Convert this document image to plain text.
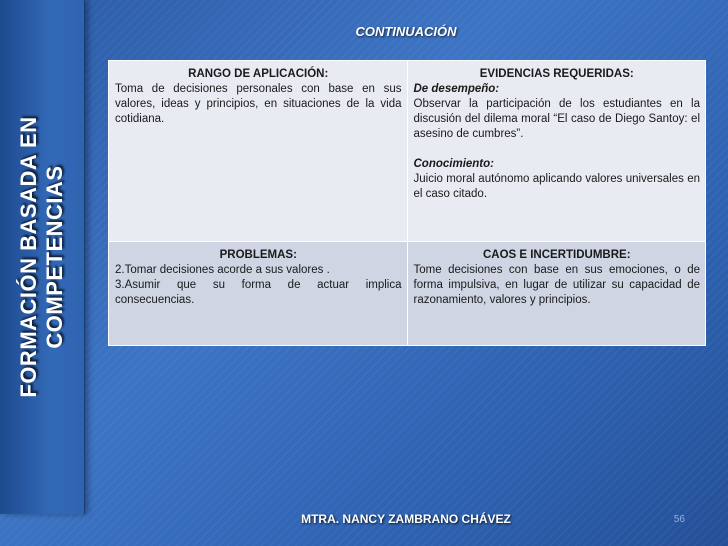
FORMACIÓN BASADA EN COMPETENCIAS
CONTINUACIÓN
RANGO DE APLICACIÓN:
Toma de decisiones personales con base en sus valores, ideas y principios, en situaciones de la vida cotidiana.	EVIDENCIAS REQUERIDAS:
De desempeño:
Observar la participación de los estudiantes en la discusión del dilema moral “El caso de Diego Santoy: el asesino de cumbres”.
Conocimiento:
Juicio moral autónomo aplicando valores universales en el caso citado.

PROBLEMAS:
2.Tomar decisiones acorde a sus valores .
3.Asumir que su forma de actuar implica consecuencias.	CAOS E INCERTIDUMBRE:
Tome decisiones con base en sus emociones, o de forma impulsiva, en lugar de utilizar su capacidad de razonamiento, valores y principios.
MTRA. NANCY ZAMBRANO CHÁVEZ	56
